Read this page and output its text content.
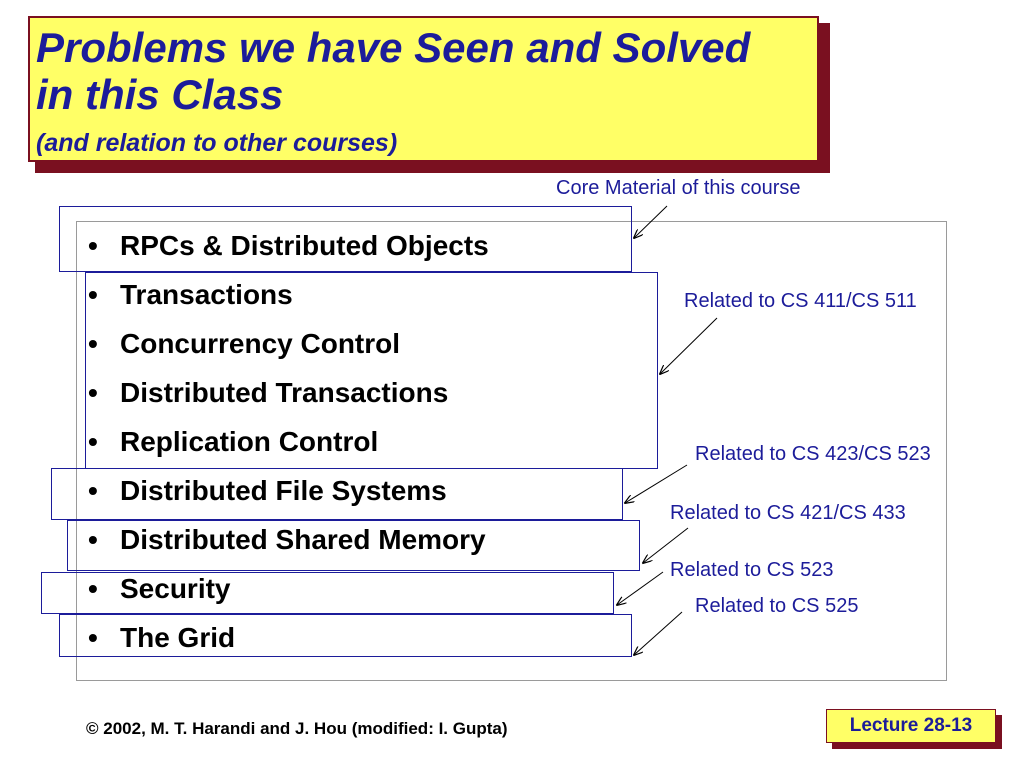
Problems we have Seen and Solved
in this Class

(and relation to other courses)

• RPCs & Distributed Objects
• Transactions
• Concurrency Control
• Distributed Transactions
• Replication Control
• Distributed File Systems
• Distributed Shared Memory
• Security
• The Grid
Core Material of this course
Related to CS 411/CS 511
Related to CS 423/CS 523
Related to CS 421/CS 433
Related to CS 523
Related to CS 525
© 2002, M. T. Harandi and J. Hou (modified: I. Gupta)	Lecture 28-13
